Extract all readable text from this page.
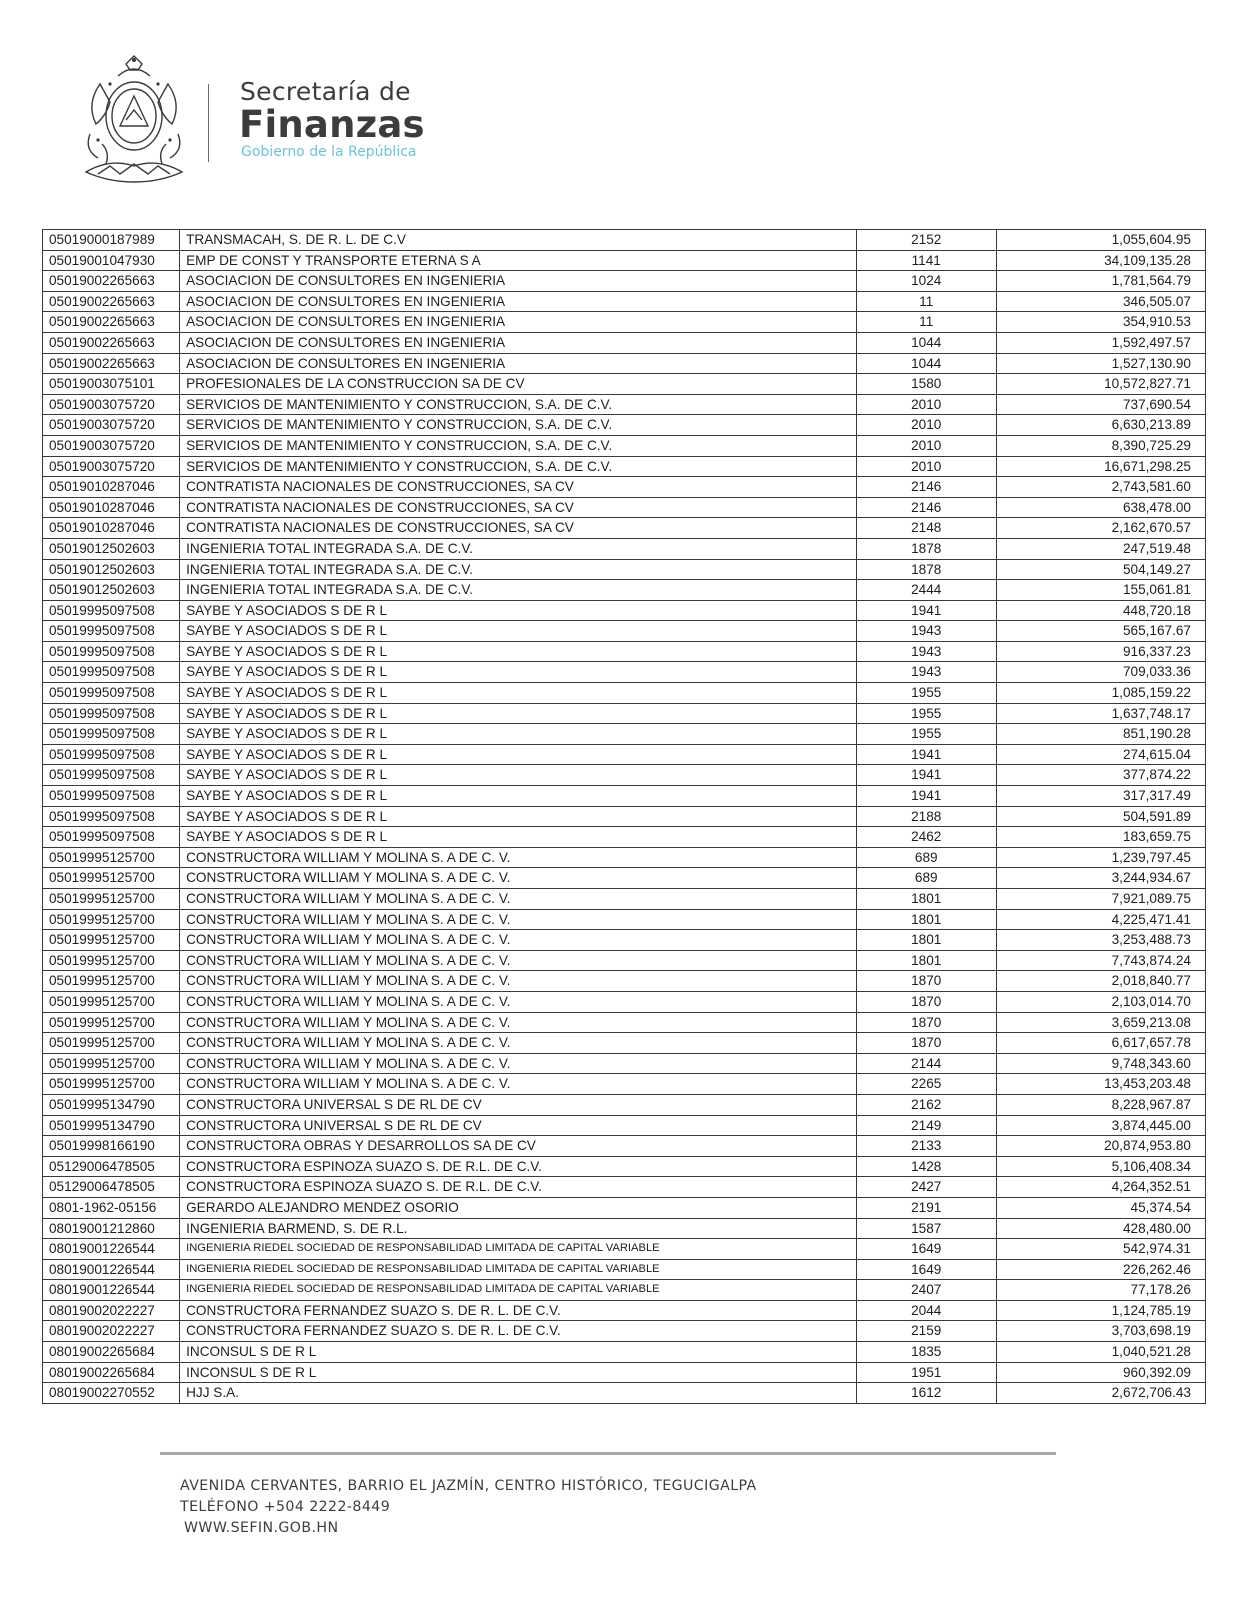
Secretaría de
Finanzas
Gobierno de la República
05019000187989	TRANSMACAH, S. DE R. L. DE C.V	2152	1,055,604.95
05019001047930	EMP DE CONST Y TRANSPORTE ETERNA S A	1141	34,109,135.28
05019002265663	ASOCIACION DE CONSULTORES EN INGENIERIA	1024	1,781,564.79
05019002265663	ASOCIACION DE CONSULTORES EN INGENIERIA	11	346,505.07
05019002265663	ASOCIACION DE CONSULTORES EN INGENIERIA	11	354,910.53
05019002265663	ASOCIACION DE CONSULTORES EN INGENIERIA	1044	1,592,497.57
05019002265663	ASOCIACION DE CONSULTORES EN INGENIERIA	1044	1,527,130.90
05019003075101	PROFESIONALES DE LA CONSTRUCCION SA DE CV	1580	10,572,827.71
05019003075720	SERVICIOS DE MANTENIMIENTO Y CONSTRUCCION, S.A. DE C.V.	2010	737,690.54
05019003075720	SERVICIOS DE MANTENIMIENTO Y CONSTRUCCION, S.A. DE C.V.	2010	6,630,213.89
05019003075720	SERVICIOS DE MANTENIMIENTO Y CONSTRUCCION, S.A. DE C.V.	2010	8,390,725.29
05019003075720	SERVICIOS DE MANTENIMIENTO Y CONSTRUCCION, S.A. DE C.V.	2010	16,671,298.25
05019010287046	CONTRATISTA NACIONALES DE CONSTRUCCIONES, SA CV	2146	2,743,581.60
05019010287046	CONTRATISTA NACIONALES DE CONSTRUCCIONES, SA CV	2146	638,478.00
05019010287046	CONTRATISTA NACIONALES DE CONSTRUCCIONES, SA CV	2148	2,162,670.57
05019012502603	INGENIERIA TOTAL INTEGRADA S.A. DE C.V.	1878	247,519.48
05019012502603	INGENIERIA TOTAL INTEGRADA S.A. DE C.V.	1878	504,149.27
05019012502603	INGENIERIA TOTAL INTEGRADA S.A. DE C.V.	2444	155,061.81
05019995097508	SAYBE Y ASOCIADOS S DE R L	1941	448,720.18
05019995097508	SAYBE Y ASOCIADOS S DE R L	1943	565,167.67
05019995097508	SAYBE Y ASOCIADOS S DE R L	1943	916,337.23
05019995097508	SAYBE Y ASOCIADOS S DE R L	1943	709,033.36
05019995097508	SAYBE Y ASOCIADOS S DE R L	1955	1,085,159.22
05019995097508	SAYBE Y ASOCIADOS S DE R L	1955	1,637,748.17
05019995097508	SAYBE Y ASOCIADOS S DE R L	1955	851,190.28
05019995097508	SAYBE Y ASOCIADOS S DE R L	1941	274,615.04
05019995097508	SAYBE Y ASOCIADOS S DE R L	1941	377,874.22
05019995097508	SAYBE Y ASOCIADOS S DE R L	1941	317,317.49
05019995097508	SAYBE Y ASOCIADOS S DE R L	2188	504,591.89
05019995097508	SAYBE Y ASOCIADOS S DE R L	2462	183,659.75
05019995125700	CONSTRUCTORA WILLIAM Y MOLINA S. A DE C. V.	689	1,239,797.45
05019995125700	CONSTRUCTORA WILLIAM Y MOLINA S. A DE C. V.	689	3,244,934.67
05019995125700	CONSTRUCTORA WILLIAM Y MOLINA S. A DE C. V.	1801	7,921,089.75
05019995125700	CONSTRUCTORA WILLIAM Y MOLINA S. A DE C. V.	1801	4,225,471.41
05019995125700	CONSTRUCTORA WILLIAM Y MOLINA S. A DE C. V.	1801	3,253,488.73
05019995125700	CONSTRUCTORA WILLIAM Y MOLINA S. A DE C. V.	1801	7,743,874.24
05019995125700	CONSTRUCTORA WILLIAM Y MOLINA S. A DE C. V.	1870	2,018,840.77
05019995125700	CONSTRUCTORA WILLIAM Y MOLINA S. A DE C. V.	1870	2,103,014.70
05019995125700	CONSTRUCTORA WILLIAM Y MOLINA S. A DE C. V.	1870	3,659,213.08
05019995125700	CONSTRUCTORA WILLIAM Y MOLINA S. A DE C. V.	1870	6,617,657.78
05019995125700	CONSTRUCTORA WILLIAM Y MOLINA S. A DE C. V.	2144	9,748,343.60
05019995125700	CONSTRUCTORA WILLIAM Y MOLINA S. A DE C. V.	2265	13,453,203.48
05019995134790	CONSTRUCTORA UNIVERSAL S DE RL DE CV	2162	8,228,967.87
05019995134790	CONSTRUCTORA UNIVERSAL S DE RL DE CV	2149	3,874,445.00
05019998166190	CONSTRUCTORA OBRAS Y DESARROLLOS SA DE CV	2133	20,874,953.80
05129006478505	CONSTRUCTORA ESPINOZA SUAZO S. DE R.L. DE C.V.	1428	5,106,408.34
05129006478505	CONSTRUCTORA ESPINOZA SUAZO S. DE R.L. DE C.V.	2427	4,264,352.51
0801-1962-05156	GERARDO ALEJANDRO MENDEZ OSORIO	2191	45,374.54
08019001212860	INGENIERIA BARMEND, S. DE R.L.	1587	428,480.00
08019001226544	INGENIERIA RIEDEL SOCIEDAD DE RESPONSABILIDAD LIMITADA DE CAPITAL VARIABLE	1649	542,974.31
08019001226544	INGENIERIA RIEDEL SOCIEDAD DE RESPONSABILIDAD LIMITADA DE CAPITAL VARIABLE	1649	226,262.46
08019001226544	INGENIERIA RIEDEL SOCIEDAD DE RESPONSABILIDAD LIMITADA DE CAPITAL VARIABLE	2407	77,178.26
08019002022227	CONSTRUCTORA FERNANDEZ SUAZO S. DE R. L. DE C.V.	2044	1,124,785.19
08019002022227	CONSTRUCTORA FERNANDEZ SUAZO S. DE R. L. DE C.V.	2159	3,703,698.19
08019002265684	INCONSUL S DE R L	1835	1,040,521.28
08019002265684	INCONSUL S DE R L	1951	960,392.09
08019002270552	HJJ S.A.	1612	2,672,706.43
AVENIDA CERVANTES, BARRIO EL JAZMÍN, CENTRO HISTÓRICO, TEGUCIGALPA
TELÉFONO +504 2222-8449
WWW.SEFIN.GOB.HN
